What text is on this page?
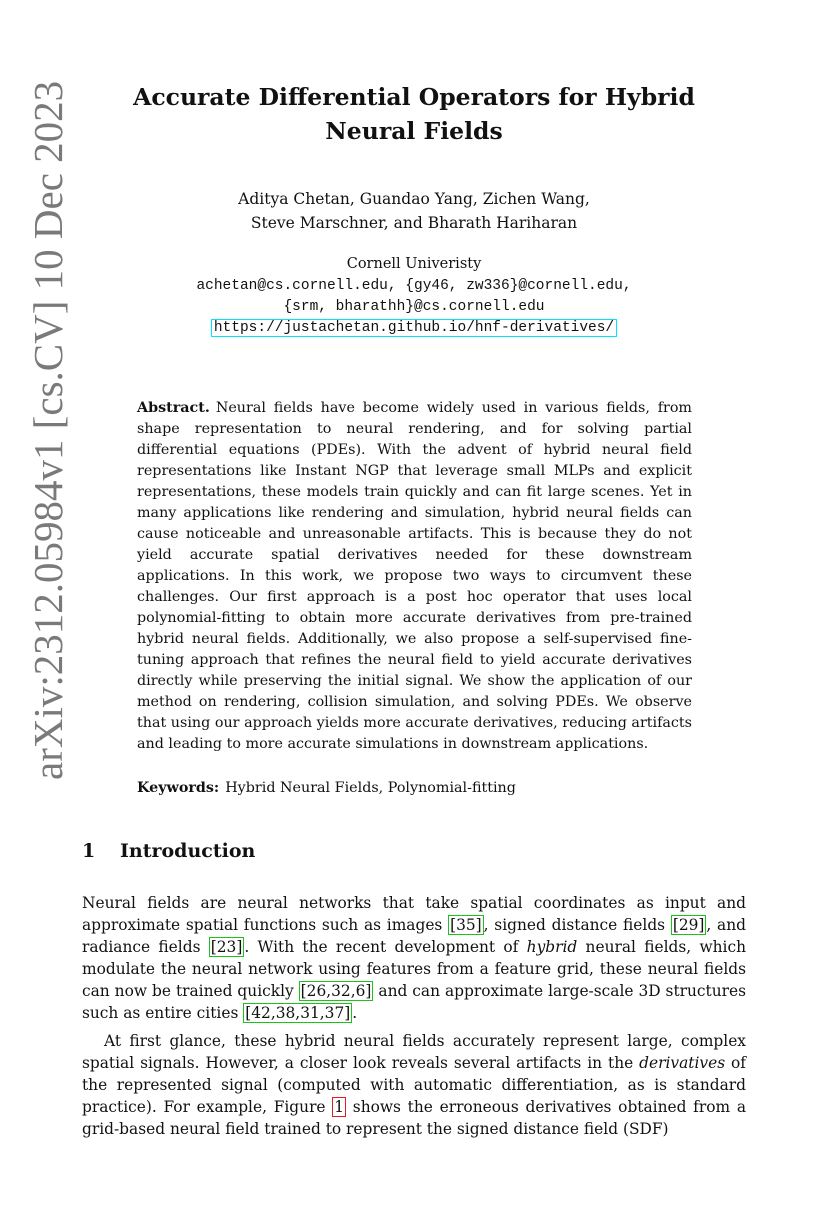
arXiv:2312.05984v1 [cs.CV] 10 Dec 2023	Accurate Differential Operators for Hybrid
Neural Fields
Aditya Chetan, Guandao Yang, Zichen Wang,
Steve Marschner, and Bharath Hariharan
Cornell Univeristy
achetan@cs.cornell.edu, {gy46, zw336}@cornell.edu,
{srm, bharathh}@cs.cornell.edu
https://justachetan.github.io/hnf-derivatives/

Abstract. Neural fields have become widely used in various fields, from shape representation to neural rendering, and for solving partial differential equations (PDEs). With the advent of hybrid neural field representations like Instant NGP that leverage small MLPs and explicit representations, these models train quickly and can fit large scenes. Yet in many applications like rendering and simulation, hybrid neural fields can cause noticeable and unreasonable artifacts. This is because they do not yield accurate spatial derivatives needed for these downstream applications. In this work, we propose two ways to circumvent these challenges. Our first approach is a post hoc operator that uses local polynomial-fitting to obtain more accurate derivatives from pre-trained hybrid neural fields. Additionally, we also propose a self-supervised fine-tuning approach that refines the neural field to yield accurate derivatives directly while preserving the initial signal. We show the application of our method on rendering, collision simulation, and solving PDEs. We observe that using our approach yields more accurate derivatives, reducing artifacts and leading to more accurate simulations in downstream applications.

Keywords: Hybrid Neural Fields, Polynomial-fitting

1 Introduction

Neural fields are neural networks that take spatial coordinates as input and approximate spatial functions such as images [35] , signed distance fields [29] , and radiance fields [23] . With the recent development of hybrid neural fields, which modulate the neural network using features from a feature grid, these neural fields can now be trained quickly [26,32,6] and can approximate large-scale 3D structures such as entire cities [42,38,31,37] .

At first glance, these hybrid neural fields accurately represent large, complex spatial signals. However, a closer look reveals several artifacts in the derivatives of the represented signal (computed with automatic differentiation, as is standard practice). For example, Figure 1 shows the erroneous derivatives obtained from a grid-based neural field trained to represent the signed distance field (SDF)
